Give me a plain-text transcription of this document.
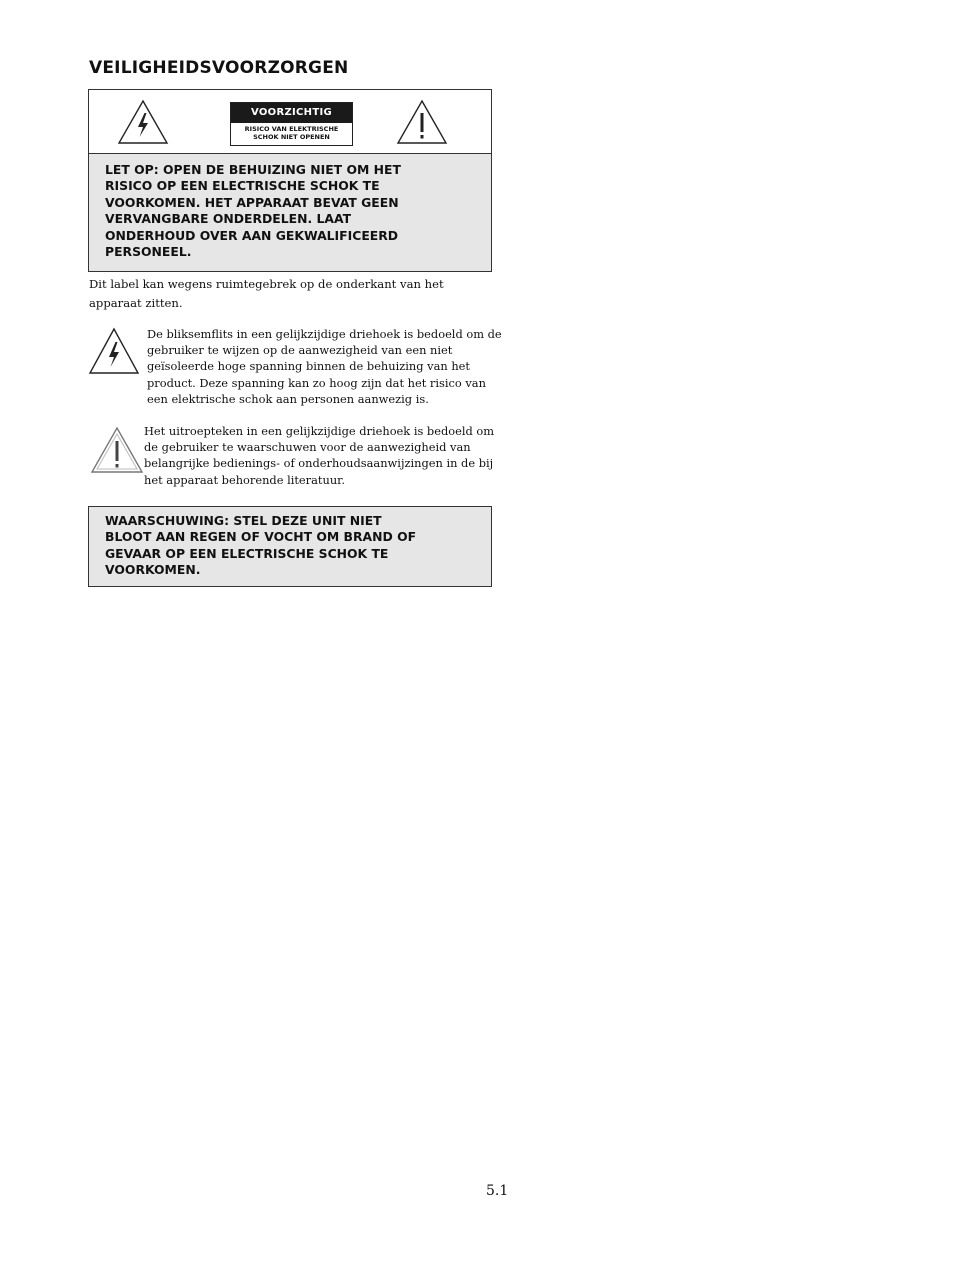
VEILIGHEIDSVOORZORGEN
VOORZICHTIG
RISICO VAN ELEKTRISCHE
SCHOK NIET OPENEN

LET OP: OPEN DE BEHUIZING NIET OM HET
RISICO OP EEN ELECTRISCHE SCHOK TE
VOORKOMEN. HET APPARAAT BEVAT GEEN
VERVANGBARE ONDERDELEN. LAAT
ONDERHOUD OVER AAN GEKWALIFICEERD
PERSONEEL.

Dit label kan wegens ruimtegebrek op de onderkant van het apparaat zitten.

De bliksemflits in een gelijkzijdige driehoek is bedoeld om de
gebruiker te wijzen op de aanwezigheid van een niet
geïsoleerde hoge spanning binnen de behuizing van het
product. Deze spanning kan zo hoog zijn dat het risico van
een elektrische schok aan personen aanwezig is.

Het uitroepteken in een gelijkzijdige driehoek is bedoeld om
de gebruiker te waarschuwen voor de aanwezigheid van
belangrijke bedienings- of onderhoudsaanwijzingen in de bij
het apparaat behorende literatuur.

WAARSCHUWING: STEL DEZE UNIT NIET
BLOOT AAN REGEN OF VOCHT OM BRAND OF
GEVAAR OP EEN ELECTRISCHE SCHOK TE
VOORKOMEN.

5.1
